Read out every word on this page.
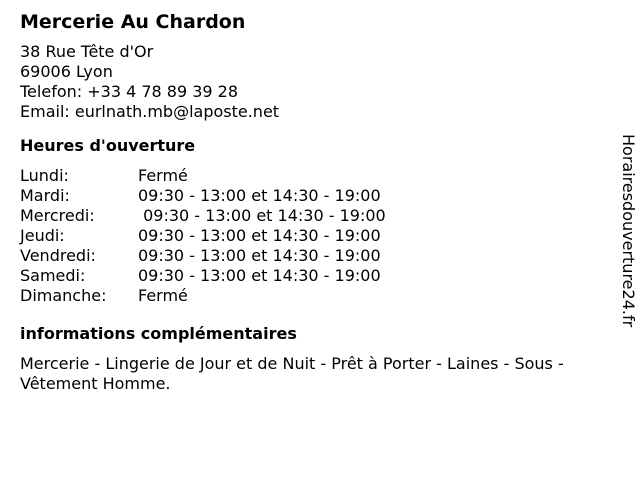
Mercerie Au Chardon
38 Rue Tête d'Or
69006 Lyon
Telefon: +33 4 78 89 39 28
Email: eurlnath.mb@laposte.net
Heures d'ouverture
Lundi:	Fermé
Mardi:	09:30 - 13:00 et 14:30 - 19:00
Mercredi:	09:30 - 13:00 et 14:30 - 19:00
Jeudi:	09:30 - 13:00 et 14:30 - 19:00
Vendredi:	09:30 - 13:00 et 14:30 - 19:00
Samedi:	09:30 - 13:00 et 14:30 - 19:00
Dimanche:	Fermé
informations complémentaires
Mercerie - Lingerie de Jour et de Nuit - Prêt à Porter - Laines - Sous -Vêtement Homme.
Horairesdouverture24.fr
